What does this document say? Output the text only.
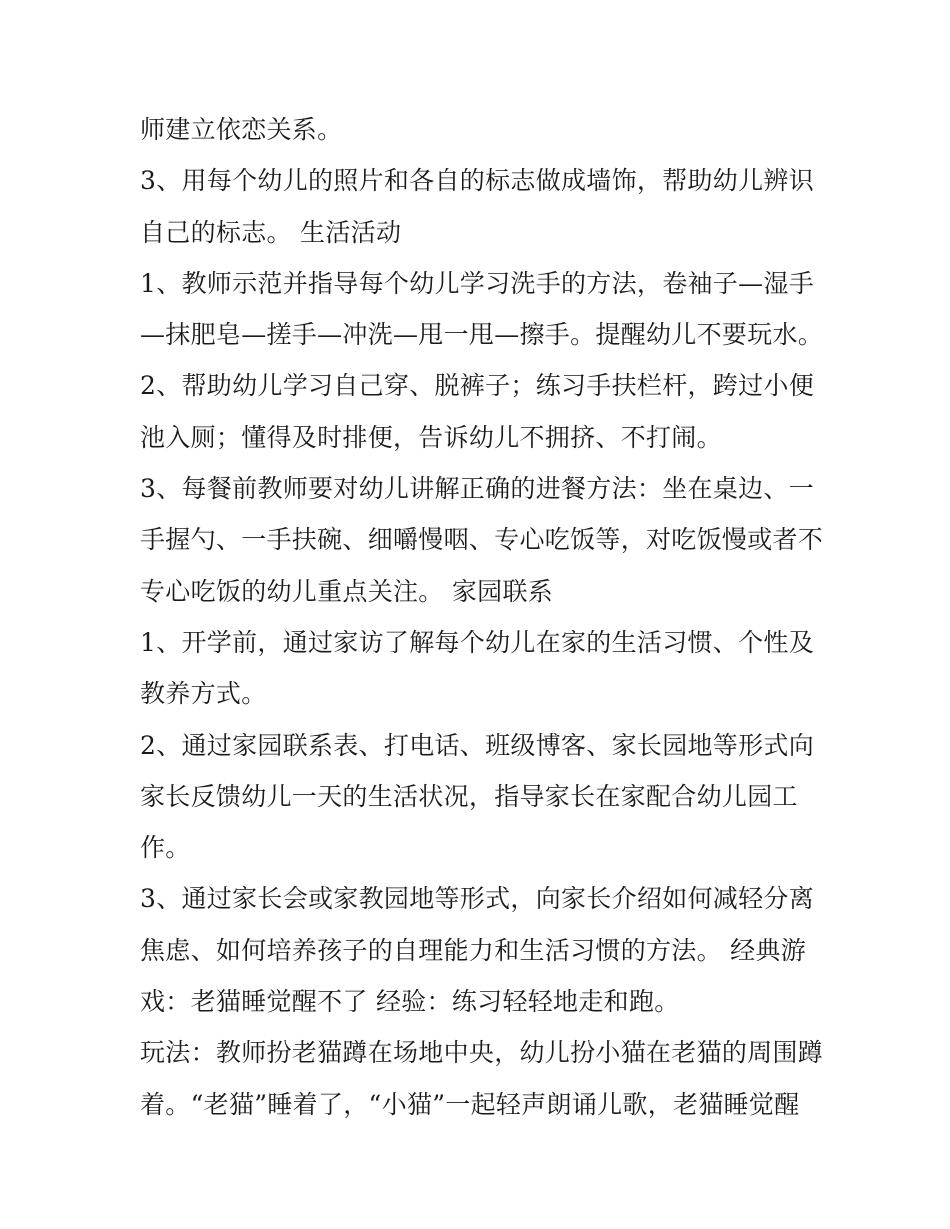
师建立依恋关系。
3、用每个幼儿的照片和各自的标志做成墙饰，帮助幼儿辨识
自己的标志。 生活活动
1、教师示范并指导每个幼儿学习洗手的方法，卷袖子—湿手
—抹肥皂—搓手—冲洗—甩一甩—擦手。提醒幼儿不要玩水。
2、帮助幼儿学习自己穿、脱裤子；练习手扶栏杆，跨过小便
池入厕；懂得及时排便，告诉幼儿不拥挤、不打闹。
3、每餐前教师要对幼儿讲解正确的进餐方法：坐在桌边、一
手握勺、一手扶碗、细嚼慢咽、专心吃饭等，对吃饭慢或者不
专心吃饭的幼儿重点关注。 家园联系
1、开学前，通过家访了解每个幼儿在家的生活习惯、个性及
教养方式。
2、通过家园联系表、打电话、班级博客、家长园地等形式向
家长反馈幼儿一天的生活状况，指导家长在家配合幼儿园工
作。
3、通过家长会或家教园地等形式，向家长介绍如何减轻分离
焦虑、如何培养孩子的自理能力和生活习惯的方法。 经典游
戏：老猫睡觉醒不了 经验：练习轻轻地走和跑。
玩法：教师扮老猫蹲在场地中央，幼儿扮小猫在老猫的周围蹲
着。“老猫”睡着了，“小猫”一起轻声朗诵儿歌，老猫睡觉醒
